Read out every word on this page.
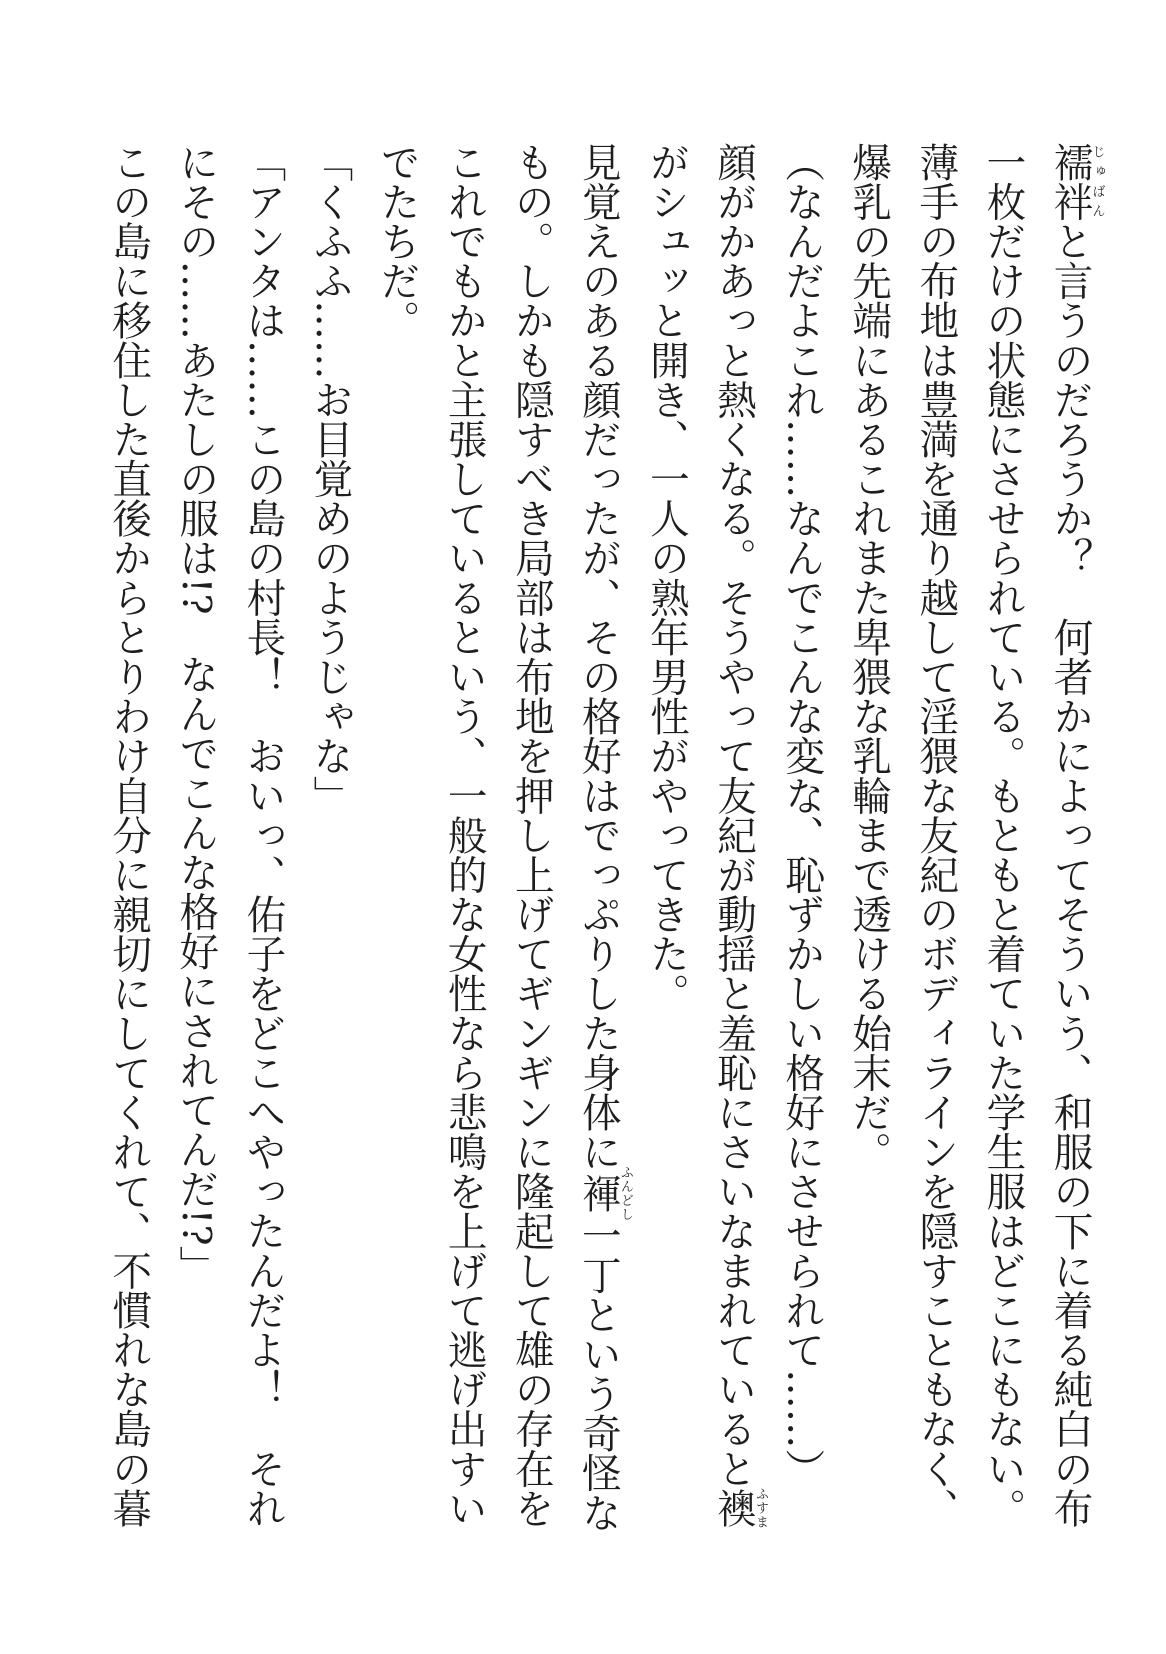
襦袢じゅばんと言うのだろうか？　何者かによってそういう、和服の下に着る純白の布一枚だけの状態にさせられている。もともと着ていた学生服はどこにもない。

薄手の布地は豊満を通り越して淫猥な友紀のボディラインを隠すこともなく、爆乳の先端にあるこれまた卑猥な乳輪まで透ける始末だ。

（なんだよこれ……なんでこんな変な、恥ずかしい格好にさせられて……）

顔がかあっと熱くなる。そうやって友紀が動揺と羞恥にさいなまれていると襖ふすまがシュッと開き、一人の熟年男性がやってきた。

見覚えのある顔だったが、その格好はでっぷりした身体に褌ふんどし一丁という奇怪なもの。しかも隠すべき局部は布地を押し上げてギンギンに隆起して雄の存在をこれでもかと主張しているという、一般的な女性なら悲鳴を上げて逃げ出すいでたちだ。

「くふふ……お目覚めのようじゃな」

「アンタは……この島の村長！　おいっ、佑子をどこへやったんだよ！　それにその……あたしの服は!?　なんでこんな格好にされてんだ!?」

この島に移住した直後からとりわけ自分に親切にしてくれて、不慣れな島の暮
